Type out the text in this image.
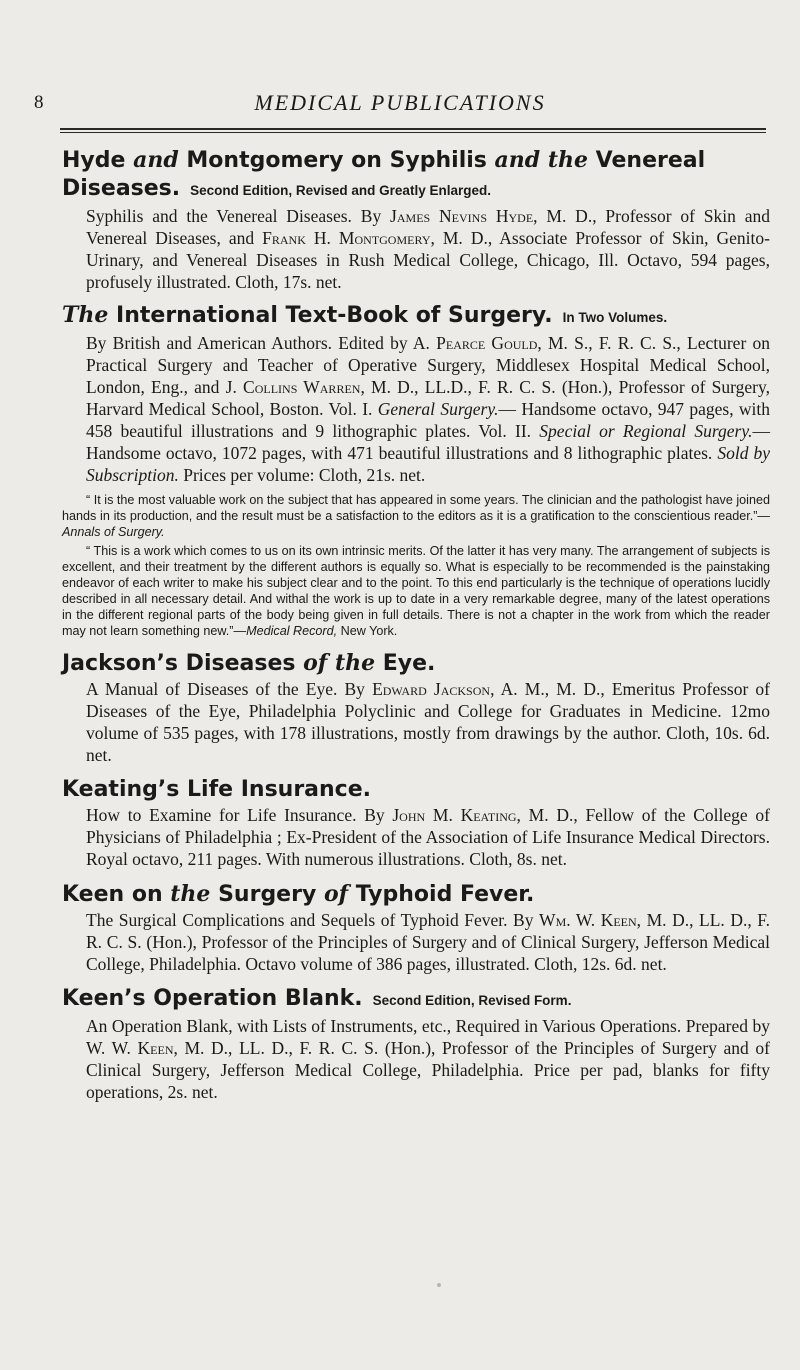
8	MEDICAL PUBLICATIONS

Hyde and Montgomery on Syphilis and the Venereal Diseases. Second Edition, Revised and Greatly Enlarged.

Syphilis and the Venereal Diseases. By James Nevins Hyde, M. D., Professor of Skin and Venereal Diseases, and Frank H. Montgomery, M. D., Associate Professor of Skin, Genito-Urinary, and Venereal Diseases in Rush Medical College, Chicago, Ill. Octavo, 594 pages, profusely illustrated. Cloth, 17s. net.

The International Text-Book of Surgery. In Two Volumes.

By British and American Authors. Edited by A. Pearce Gould, M. S., F. R. C. S., Lecturer on Practical Surgery and Teacher of Operative Surgery, Middlesex Hospital Medical School, London, Eng., and J. Collins Warren, M. D., LL.D., F. R. C. S. (Hon.), Professor of Surgery, Harvard Medical School, Boston. Vol. I. General Surgery.— Handsome octavo, 947 pages, with 458 beautiful illustrations and 9 lithographic plates. Vol. II. Special or Regional Surgery.—Handsome octavo, 1072 pages, with 471 beautiful illustrations and 8 lithographic plates. Sold by Subscription. Prices per volume: Cloth, 21s. net.

“ It is the most valuable work on the subject that has appeared in some years. The clinician and the pathologist have joined hands in its production, and the result must be a satisfaction to the editors as it is a gratification to the conscientious reader.”—Annals of Surgery.

“ This is a work which comes to us on its own intrinsic merits. Of the latter it has very many. The arrangement of subjects is excellent, and their treatment by the different authors is equally so. What is especially to be recommended is the painstaking endeavor of each writer to make his subject clear and to the point. To this end particularly is the technique of operations lucidly described in all necessary detail. And withal the work is up to date in a very remarkable degree, many of the latest operations in the different regional parts of the body being given in full details. There is not a chapter in the work from which the reader may not learn something new.”—Medical Record, New York.

Jackson’s Diseases of the Eye.

A Manual of Diseases of the Eye. By Edward Jackson, A. M., M. D., Emeritus Professor of Diseases of the Eye, Philadelphia Polyclinic and College for Graduates in Medicine. 12mo volume of 535 pages, with 178 illustrations, mostly from drawings by the author. Cloth, 10s. 6d. net.

Keating’s Life Insurance.

How to Examine for Life Insurance. By John M. Keating, M. D., Fellow of the College of Physicians of Philadelphia ; Ex-President of the Association of Life Insurance Medical Directors. Royal octavo, 211 pages. With numerous illustrations. Cloth, 8s. net.

Keen on the Surgery of Typhoid Fever.

The Surgical Complications and Sequels of Typhoid Fever. By Wm. W. Keen, M. D., LL. D., F. R. C. S. (Hon.), Professor of the Principles of Surgery and of Clinical Surgery, Jefferson Medical College, Philadelphia. Octavo volume of 386 pages, illustrated. Cloth, 12s. 6d. net.

Keen’s Operation Blank. Second Edition, Revised Form.

An Operation Blank, with Lists of Instruments, etc., Required in Various Operations. Prepared by W. W. Keen, M. D., LL. D., F. R. C. S. (Hon.), Professor of the Principles of Surgery and of Clinical Surgery, Jefferson Medical College, Philadelphia. Price per pad, blanks for fifty operations, 2s. net.
